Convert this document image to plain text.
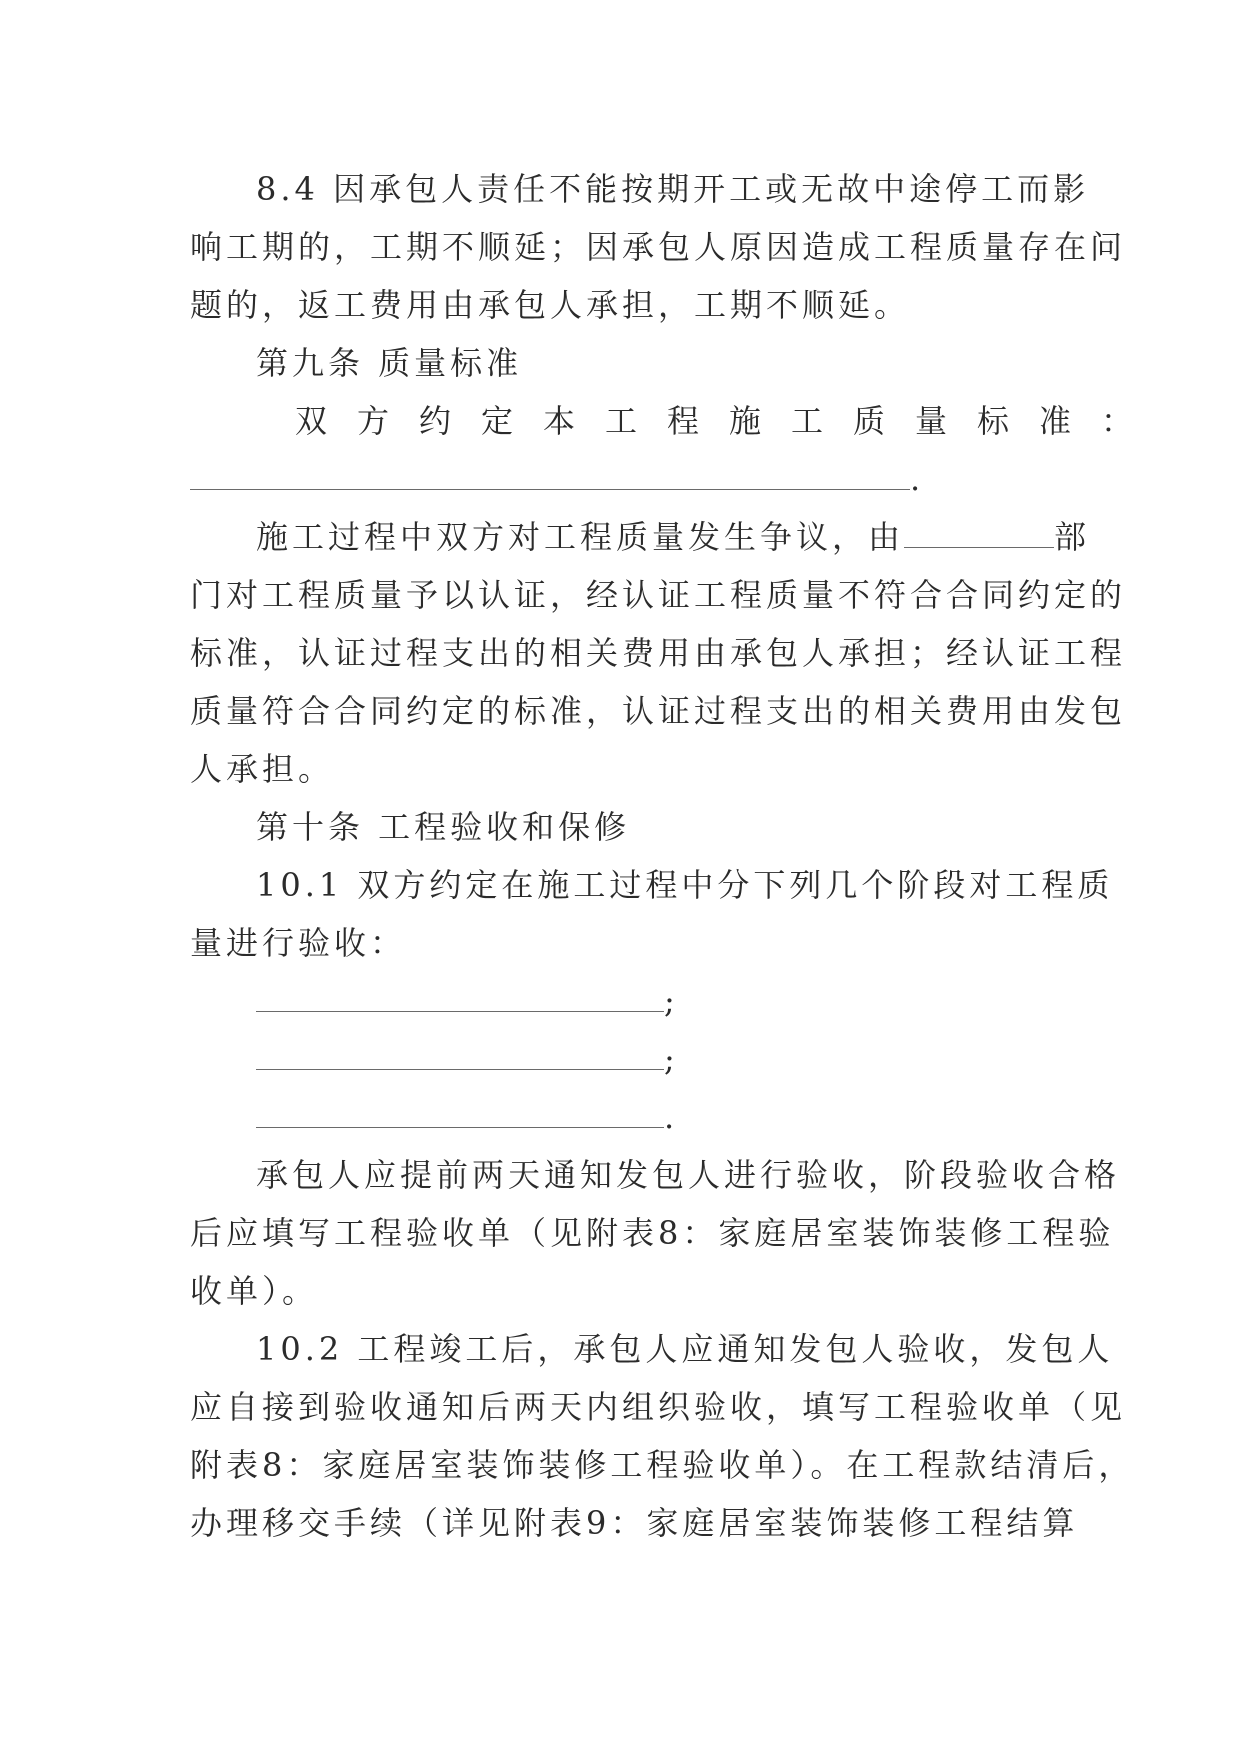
8.4 因承包人责任不能按期开工或无故中途停工而影
响工期的，工期不顺延；因承包人原因造成工程质量存在问
题的，返工费用由承包人承担，工期不顺延。
第九条 质量标准
双方约定本工程施工质量标准：
.
施工过程中双方对工程质量发生争议，由	部
门对工程质量予以认证，经认证工程质量不符合合同约定的
标准，认证过程支出的相关费用由承包人承担；经认证工程
质量符合合同约定的标准，认证过程支出的相关费用由发包
人承担。
第十条 工程验收和保修
10.1 双方约定在施工过程中分下列几个阶段对工程质
量进行验收：
;
;
.
承包人应提前两天通知发包人进行验收，阶段验收合格
后应填写工程验收单（见附表8：家庭居室装饰装修工程验
收单）。
10.2 工程竣工后，承包人应通知发包人验收，发包人
应自接到验收通知后两天内组织验收，填写工程验收单（见
附表8：家庭居室装饰装修工程验收单）。在工程款结清后，
办理移交手续（详见附表9：家庭居室装饰装修工程结算
